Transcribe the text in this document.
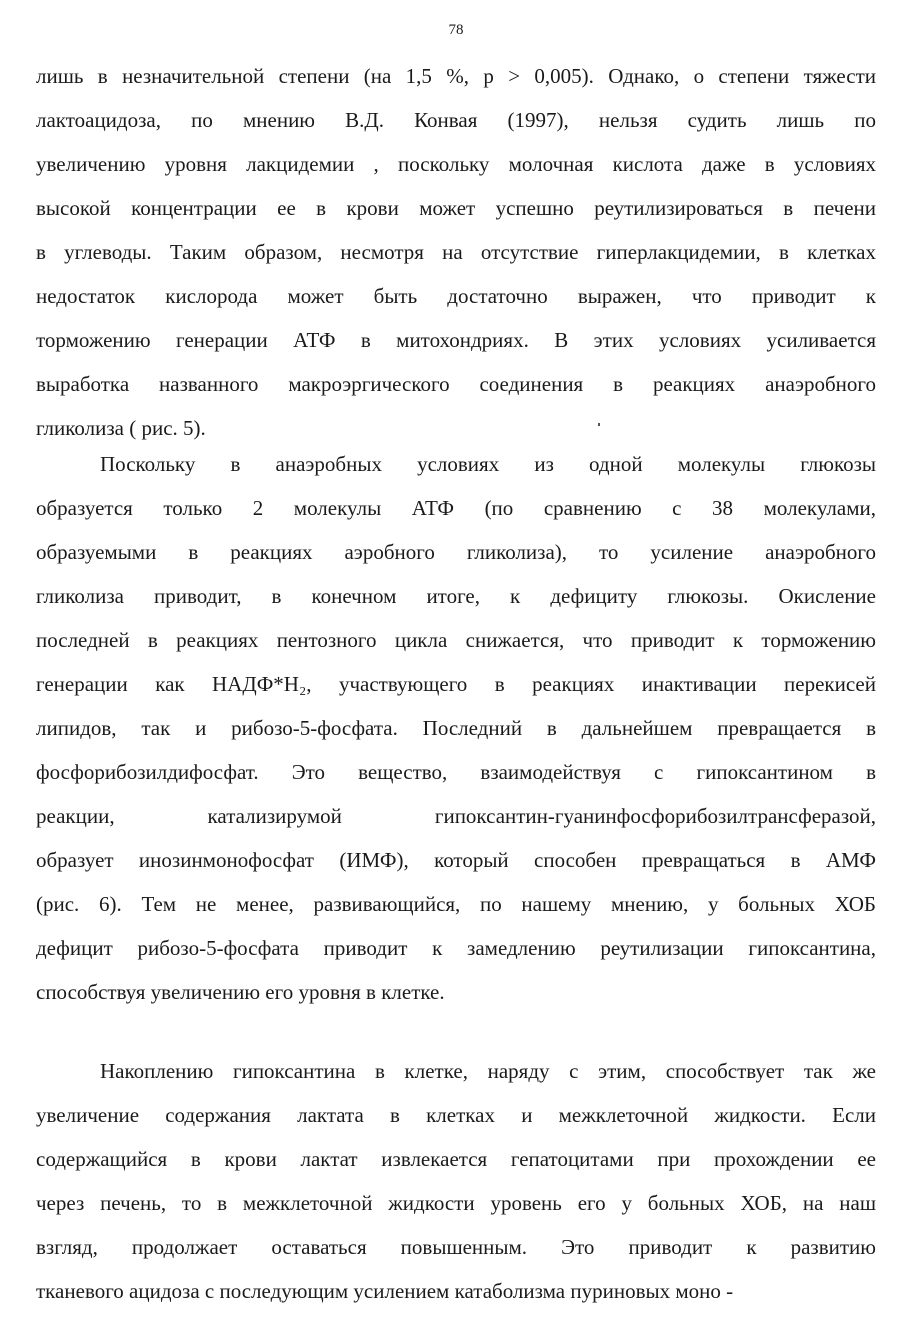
78
лишь в незначительной степени (на 1,5 %, p > 0,005). Однако, о степени тяжести
лактоацидоза, по мнению В.Д. Конвая (1997), нельзя судить лишь по
увеличению уровня лакцидемии , поскольку молочная кислота даже в условиях
высокой концентрации ее в крови может успешно реутилизироваться в печени
в углеводы. Таким образом, несмотря на отсутствие гиперлакцидемии, в клетках
недостаток кислорода может быть достаточно выражен, что приводит к
торможению генерации АТФ в митохондриях. В этих условиях усиливается
выработка названного макроэргического соединения в реакциях анаэробного
гликолиза ( рис. 5).
Поскольку в анаэробных условиях из одной молекулы глюкозы
образуется только 2 молекулы АТФ (по сравнению с 38 молекулами,
образуемыми в реакциях аэробного гликолиза), то усиление анаэробного
гликолиза приводит, в конечном итоге, к дефициту глюкозы. Окисление
последней в реакциях пентозного цикла снижается, что приводит к торможению
генерации как НАДФ*Н₂, участвующего в реакциях инактивации перекисей
липидов, так и рибозо-5-фосфата. Последний в дальнейшем превращается в
фосфорибозилдифосфат. Это вещество, взаимодействуя с гипоксантином в
реакции, катализирумой гипоксантин-гуанинфосфорибозилтрансферазой,
образует инозинмонофосфат (ИМФ), который способен превращаться в АМФ
(рис. 6). Тем не менее, развивающийся, по нашему мнению, у больных ХОБ
дефицит рибозо-5-фосфата приводит к замедлению реутилизации гипоксантина,
способствуя увеличению его уровня в клетке.
Накоплению гипоксантина в клетке, наряду с этим, способствует так же
увеличение содержания лактата в клетках и межклеточной жидкости. Если
содержащийся в крови лактат извлекается гепатоцитами при прохождении ее
через печень, то в межклеточной жидкости уровень его у больных ХОБ, на наш
взгляд, продолжает оставаться повышенным. Это приводит к развитию
тканевого ацидоза с последующим усилением катаболизма пуриновых моно -
